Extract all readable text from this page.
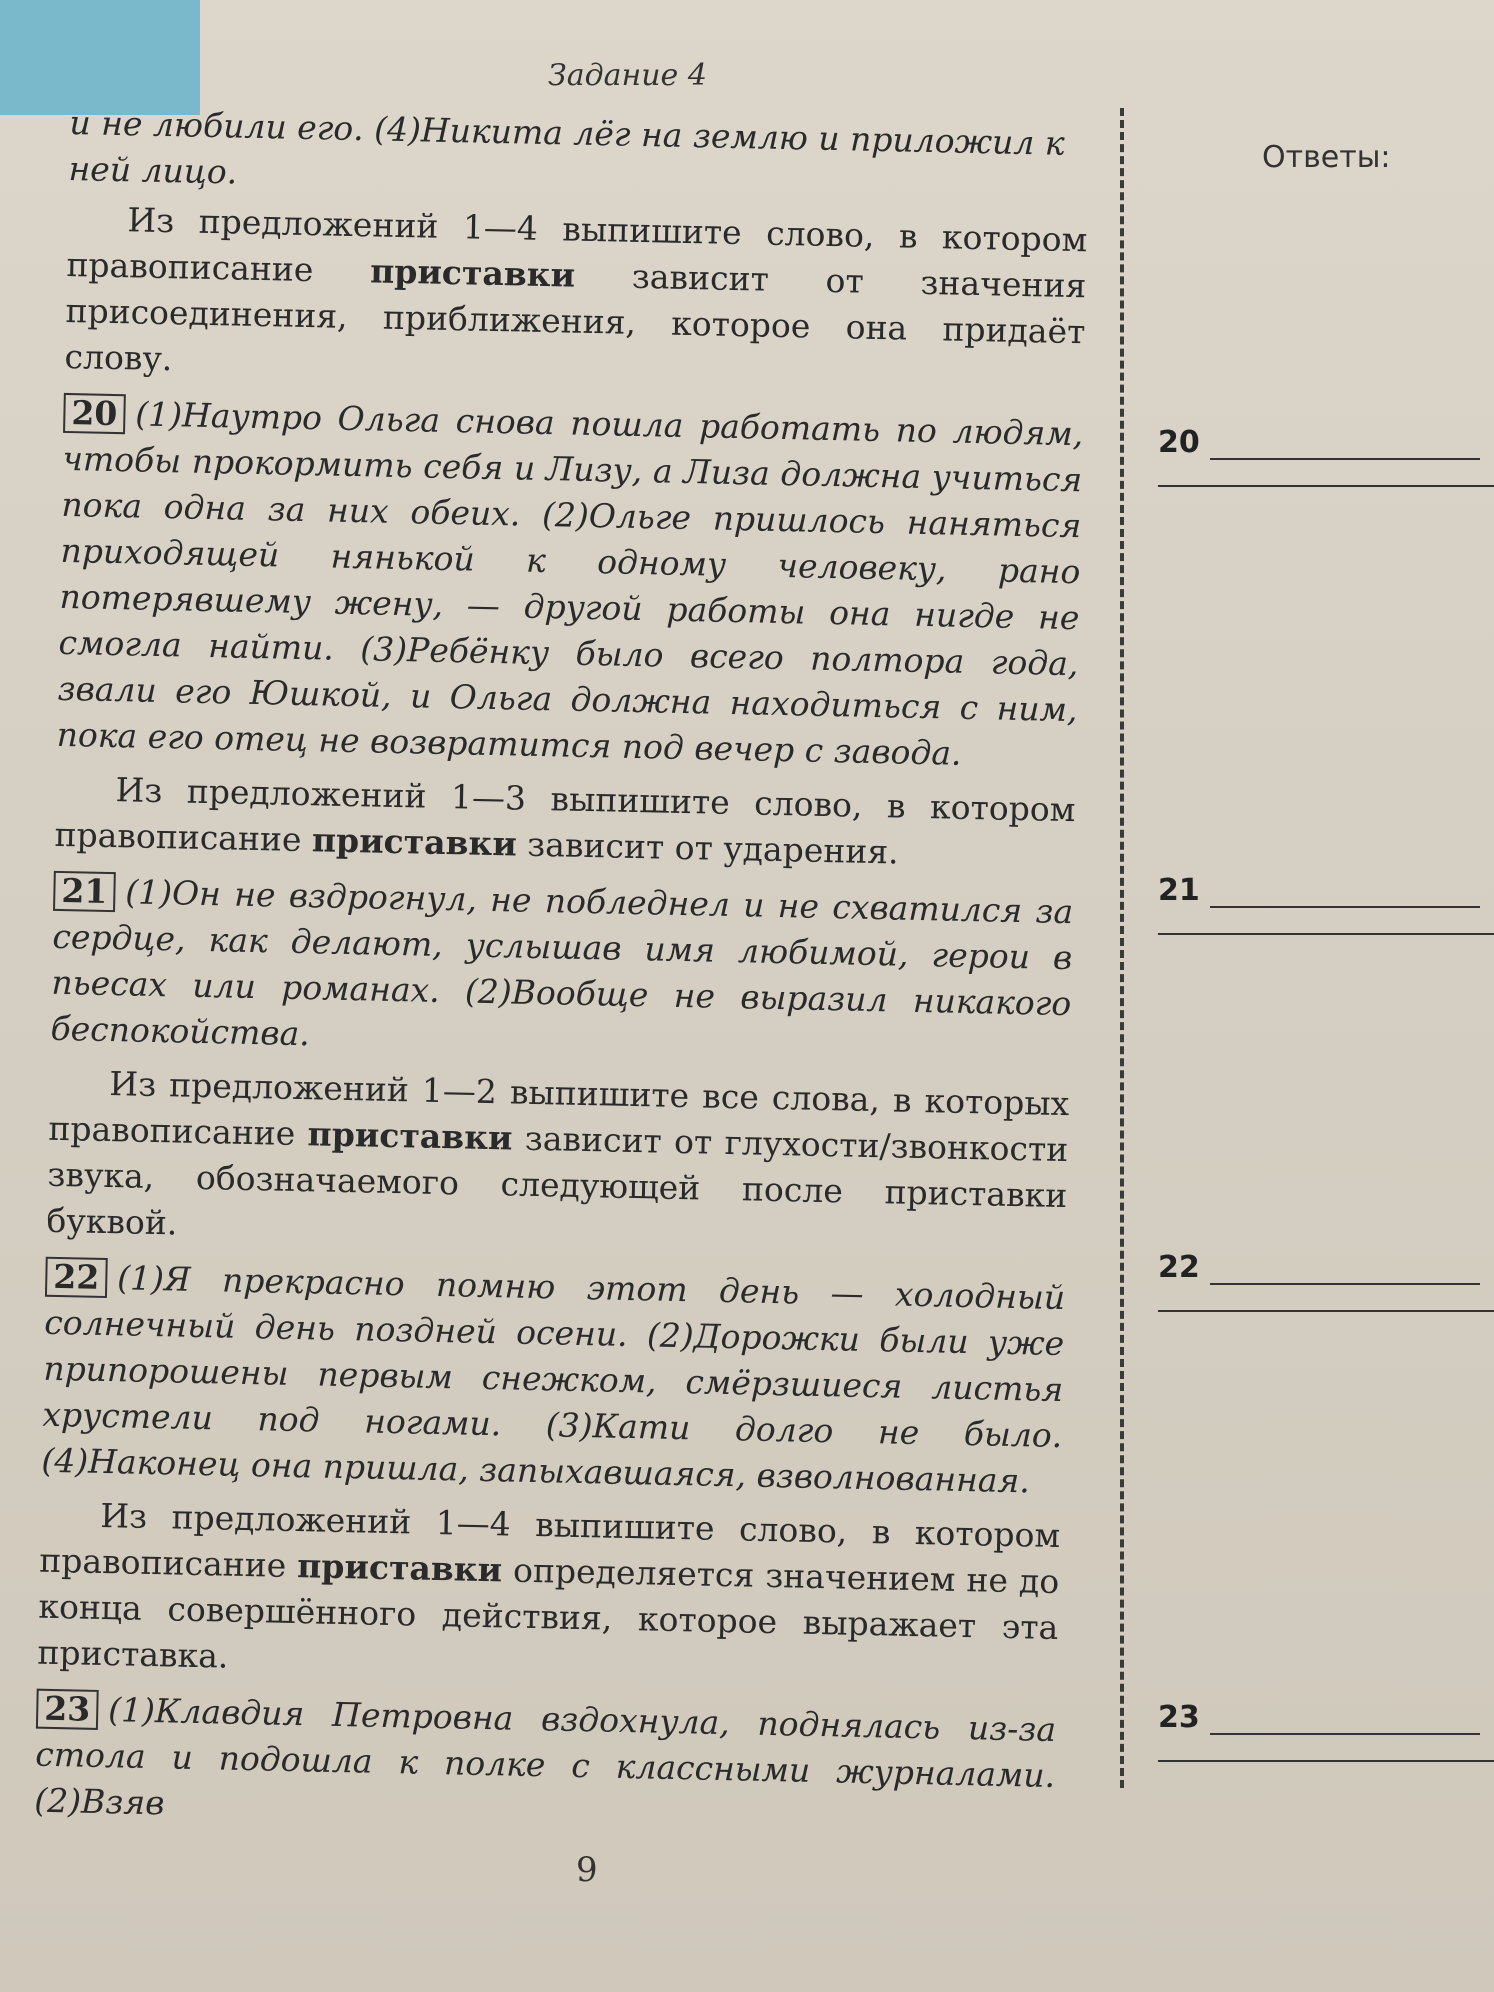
Задание 4
и не любили его. (4)Никита лёг на землю и приложил к ней лицо.
Из предложений 1—4 выпишите слово, в котором правописание приставки зависит от значения присоединения, приближения, которое она придаёт слову.
20 (1)Наутро Ольга снова пошла работать по людям, чтобы прокормить себя и Лизу, а Лиза должна учиться пока одна за них обеих. (2)Ольге пришлось наняться приходящей нянькой к одному человеку, рано потерявшему жену, — другой работы она нигде не смогла найти. (3)Ребёнку было всего полтора года, звали его Юшкой, и Ольга должна находиться с ним, пока его отец не возвратится под вечер с завода.
Из предложений 1—3 выпишите слово, в котором правописание приставки зависит от ударения.
21 (1)Он не вздрогнул, не побледнел и не схватился за сердце, как делают, услышав имя любимой, герои в пьесах или романах. (2)Вообще не выразил никакого беспокойства.
Из предложений 1—2 выпишите все слова, в которых правописание приставки зависит от глухости/звонкости звука, обозначаемого следующей после приставки буквой.
22 (1)Я прекрасно помню этот день — холодный солнечный день поздней осени. (2)Дорожки были уже припорошены первым снежком, смёрзшиеся листья хрустели под ногами. (3)Кати долго не было. (4)Наконец она пришла, запыхавшаяся, взволнованная.
Из предложений 1—4 выпишите слово, в котором правописание приставки определяется значением не до конца совершённого действия, которое выражает эта приставка.
23 (1)Клавдия Петровна вздохнула, поднялась из-за стола и подошла к полке с классными журналами. (2)Взяв
Ответы:
20
21
22
23
9
